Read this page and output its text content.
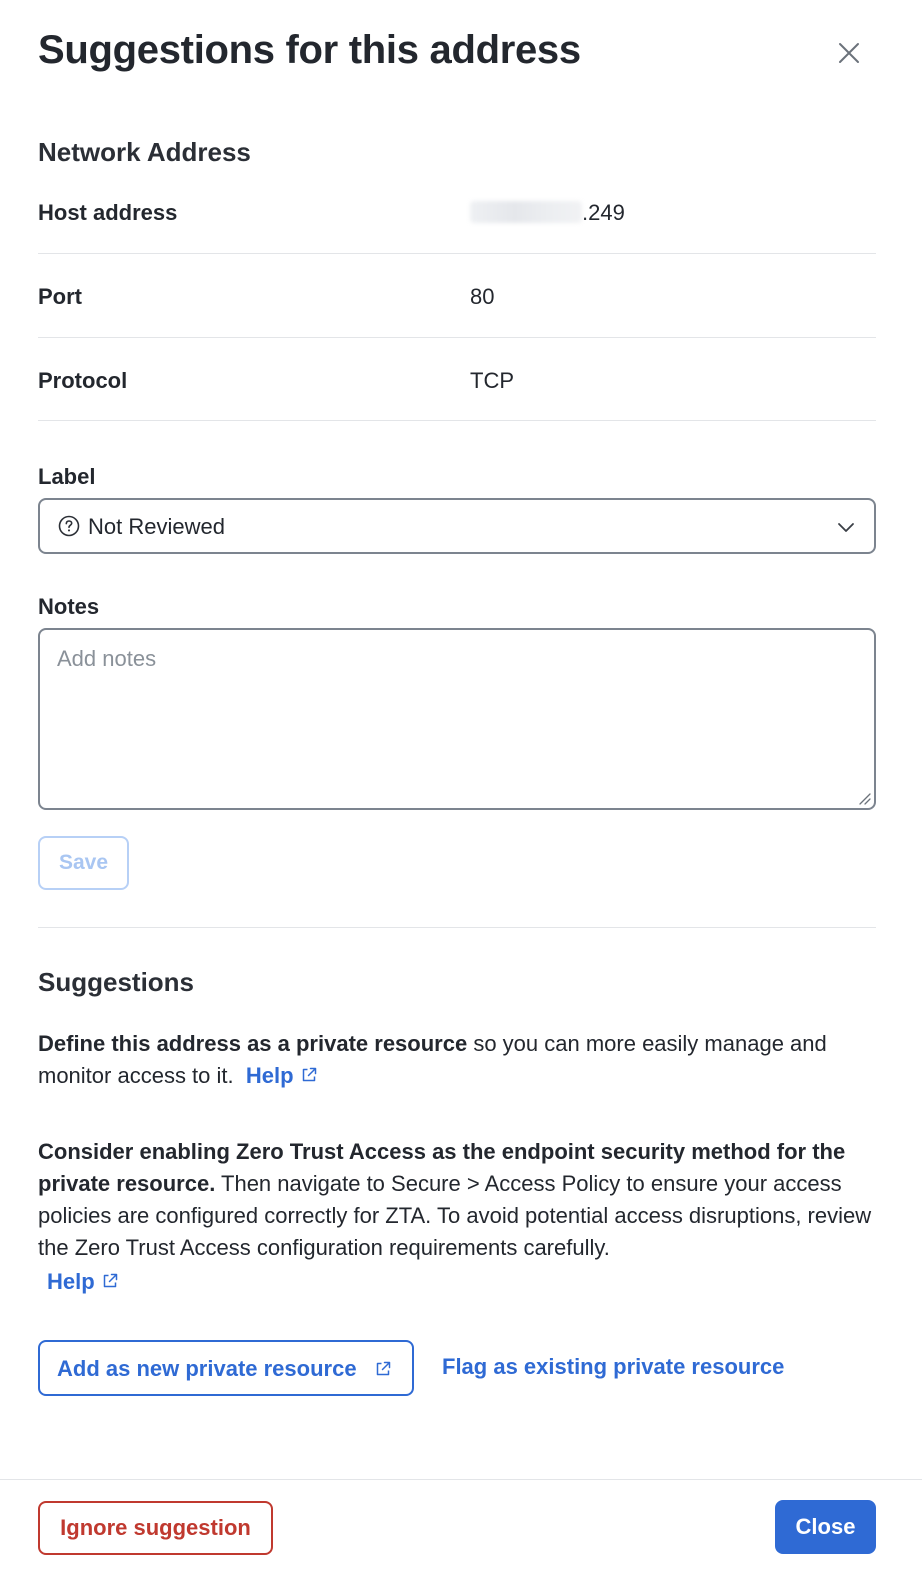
Suggestions for this address
Network Address
Host address	.249
Port	80
Protocol	TCP
Label
Not Reviewed
Notes
Add notes
Save
Suggestions
Define this address as a private resource so you can more easily manage and monitor access to it. Help
Consider enabling Zero Trust Access as the endpoint security method for the private resource. Then navigate to Secure > Access Policy to ensure your access policies are configured correctly for ZTA. To avoid potential access disruptions, review the Zero Trust Access configuration requirements carefully.
Help
Add as new private resource	Flag as existing private resource
Ignore suggestion	Close
